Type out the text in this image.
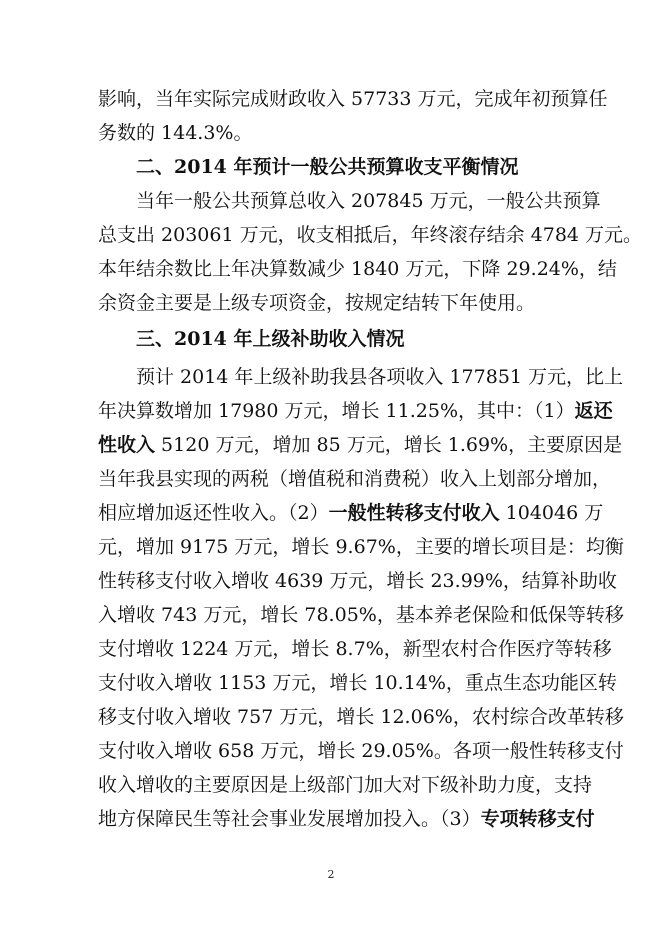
影响，当年实际完成财政收入 57733 万元，完成年初预算任
务数的 144.3%。
二、2014 年预计一般公共预算收支平衡情况
当年一般公共预算总收入 207845 万元，一般公共预算
总支出 203061 万元，收支相抵后，年终滚存结余 4784 万元。
本年结余数比上年决算数减少 1840 万元，下降 29.24%，结
余资金主要是上级专项资金，按规定结转下年使用。
三、2014 年上级补助收入情况
预计 2014 年上级补助我县各项收入 177851 万元，比上
年决算数增加 17980 万元，增长 11.25%，其中：（1）返还
性收入 5120 万元，增加 85 万元，增长 1.69%，主要原因是
当年我县实现的两税（增值税和消费税）收入上划部分增加，
相应增加返还性收入。（2）一般性转移支付收入 104046 万
元，增加 9175 万元，增长 9.67%，主要的增长项目是：均衡
性转移支付收入增收 4639 万元，增长 23.99%，结算补助收
入增收 743 万元，增长 78.05%，基本养老保险和低保等转移
支付增收 1224 万元，增长 8.7%，新型农村合作医疗等转移
支付收入增收 1153 万元，增长 10.14%，重点生态功能区转
移支付收入增收 757 万元，增长 12.06%，农村综合改革转移
支付收入增收 658 万元，增长 29.05%。各项一般性转移支付
收入增收的主要原因是上级部门加大对下级补助力度，支持
地方保障民生等社会事业发展增加投入。（3）专项转移支付
2
